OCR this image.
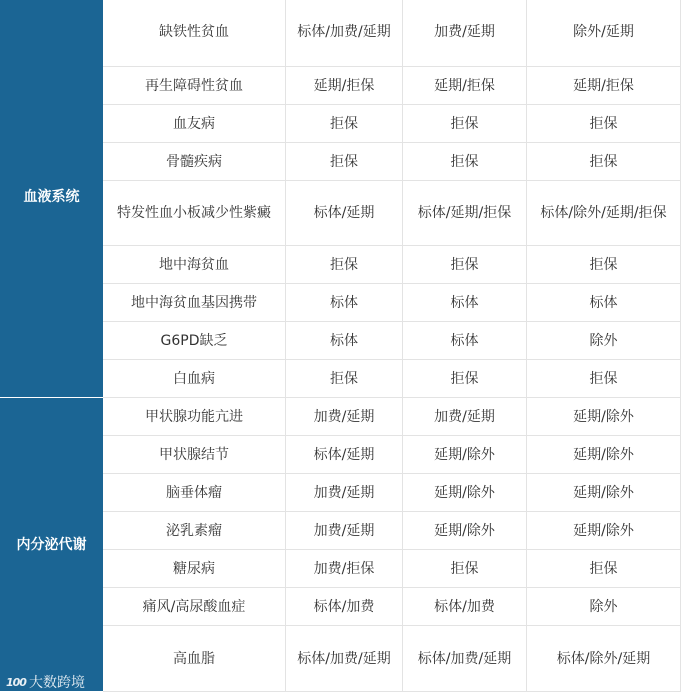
血液系统	缺铁性贫血	标体/加费/延期	加费/延期	除外/延期
	再生障碍性贫血	延期/拒保	延期/拒保	延期/拒保
	血友病	拒保	拒保	拒保
	骨髓疾病	拒保	拒保	拒保
	特发性血小板减少性紫癜	标体/延期	标体/延期/拒保	标体/除外/延期/拒保
	地中海贫血	拒保	拒保	拒保
	地中海贫血基因携带	标体	标体	标体
	G6PD缺乏	标体	标体	除外
	白血病	拒保	拒保	拒保
内分泌代谢	甲状腺功能亢进	加费/延期	加费/延期	延期/除外
	甲状腺结节	标体/延期	延期/除外	延期/除外
	脑垂体瘤	加费/延期	延期/除外	延期/除外
	泌乳素瘤	加费/延期	延期/除外	延期/除外
	糖尿病	加费/拒保	拒保	拒保
	痛风/高尿酸血症	标体/加费	标体/加费	除外
	高血脂	标体/加费/延期	标体/加费/延期	标体/除外/延期
100 大数跨境
